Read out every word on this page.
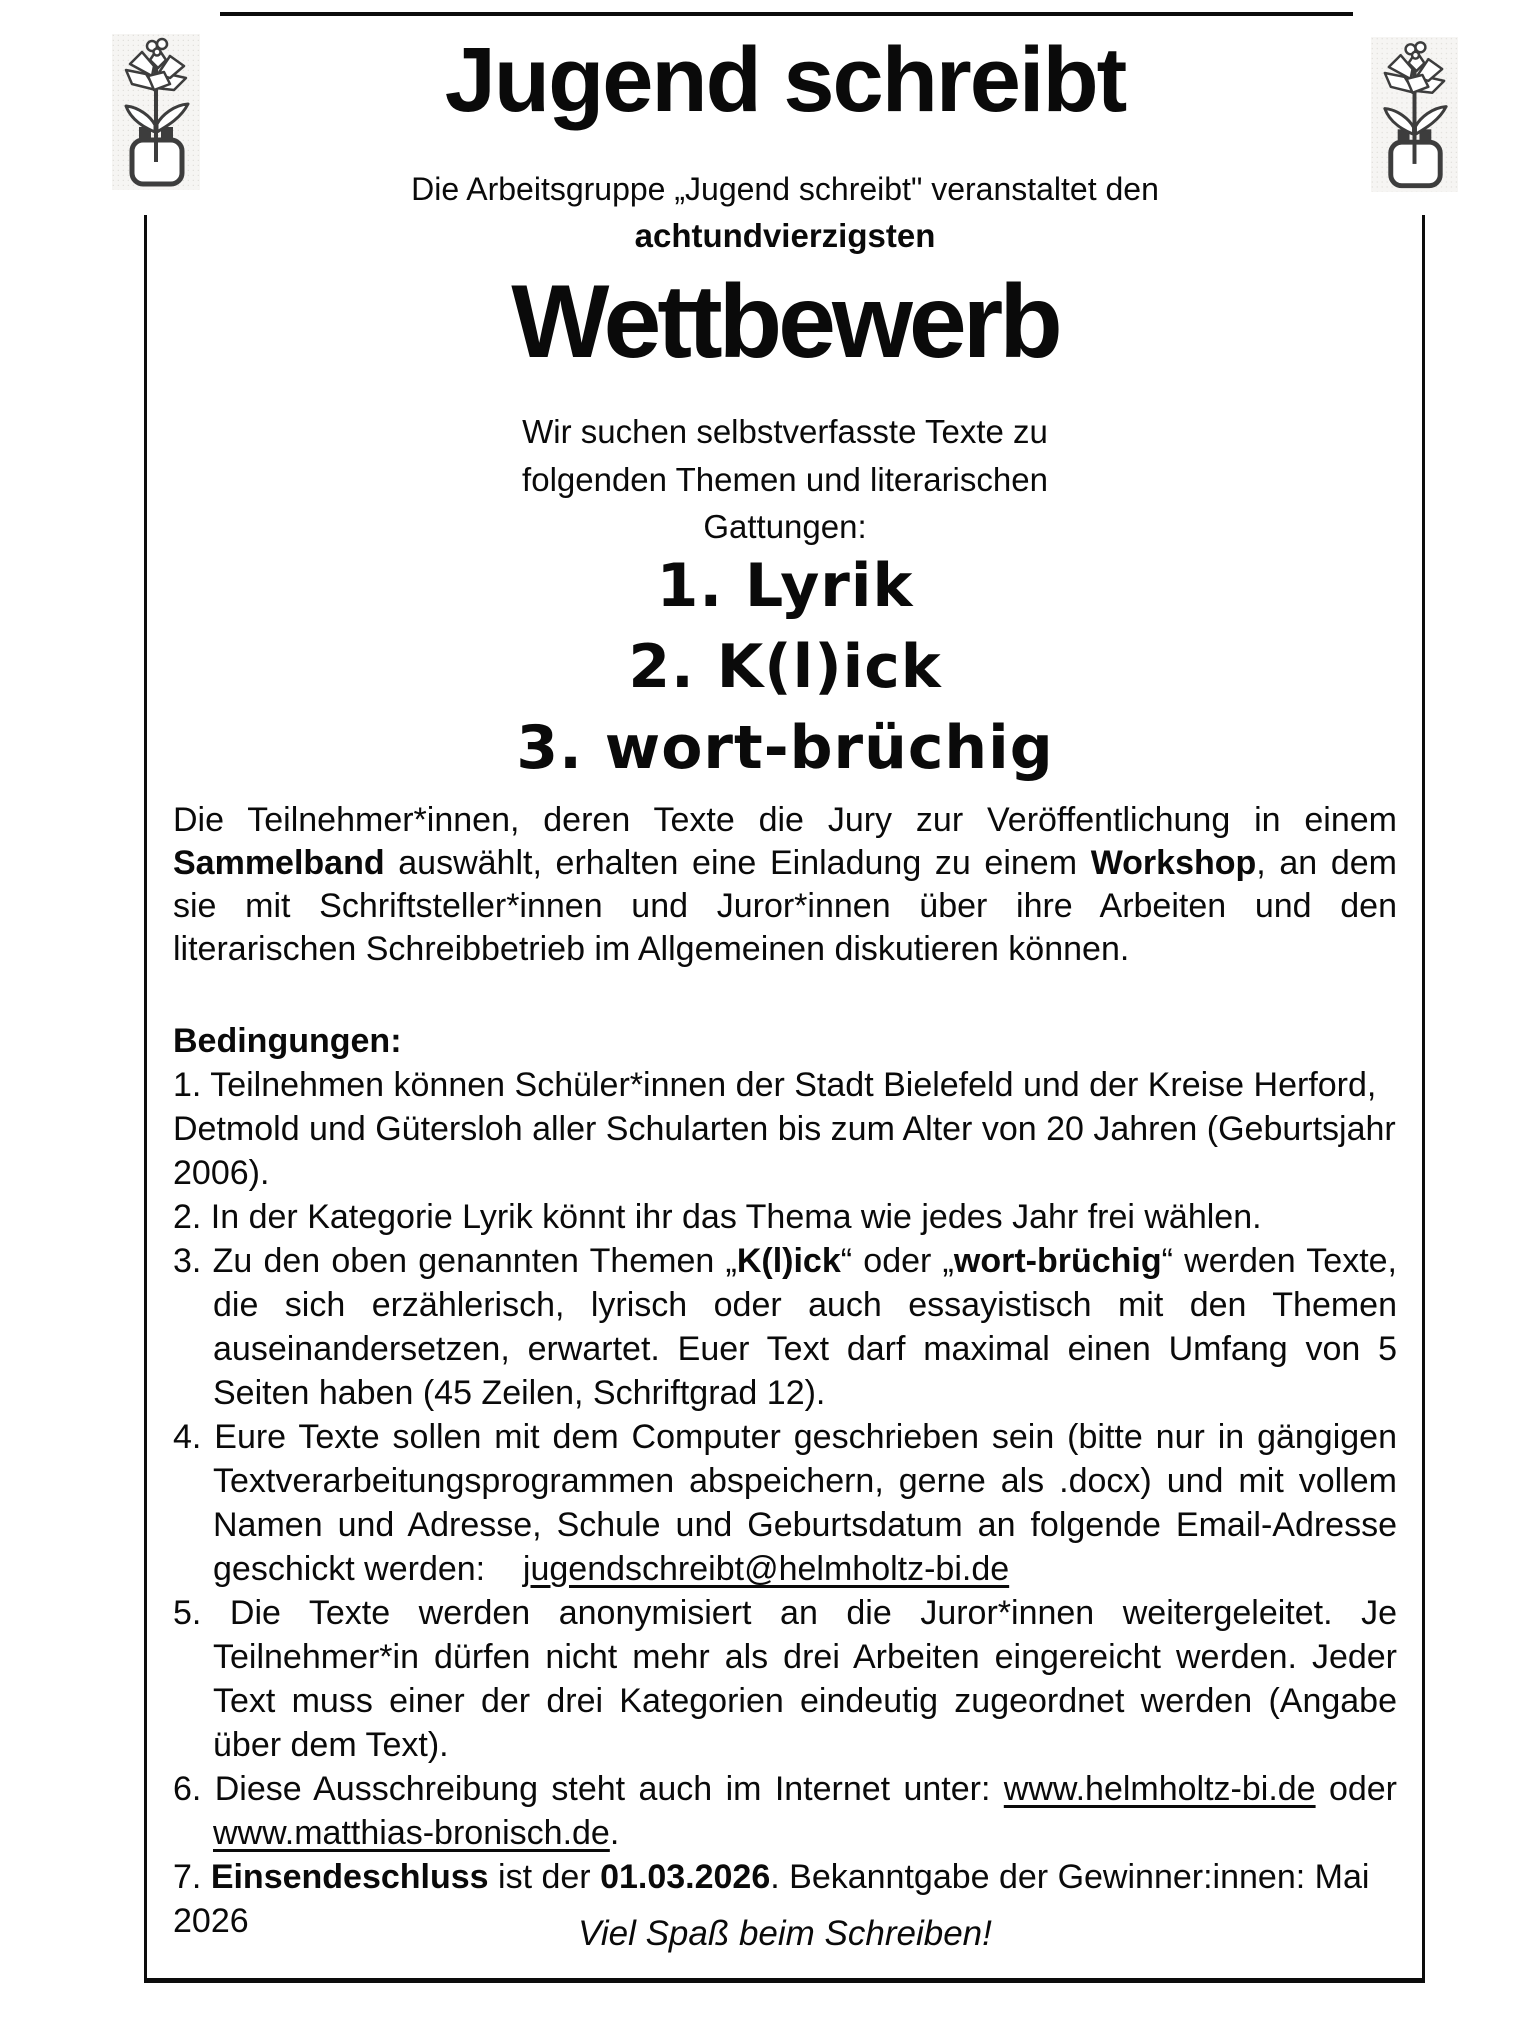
Jugend schreibt
Die Arbeitsgruppe „Jugend schreibt" veranstaltet den
achtundvierzigsten
Wettbewerb
Wir suchen selbstverfasste Texte zu
folgenden Themen und literarischen
Gattungen:
1. Lyrik
2. K(l)ick
3. wort-brüchig
Die Teilnehmer*innen, deren Texte die Jury zur Veröffentlichung in einem Sammelband auswählt, erhalten eine Einladung zu einem Workshop, an dem sie mit Schriftsteller*innen und Juror*innen über ihre Arbeiten und den literarischen Schreibbetrieb im Allgemeinen diskutieren können.

Bedingungen:

1. Teilnehmen können Schüler*innen der Stadt Bielefeld und der Kreise Herford, Detmold und Gütersloh aller Schularten bis zum Alter von 20 Jahren (Geburtsjahr 2006).

2. In der Kategorie Lyrik könnt ihr das Thema wie jedes Jahr frei wählen.

3. Zu den oben genannten Themen „K(l)ick“ oder „wort-brüchig“ werden Texte, die sich erzählerisch, lyrisch oder auch essayistisch mit den Themen auseinandersetzen, erwartet. Euer Text darf maximal einen Umfang von 5 Seiten haben (45 Zeilen, Schriftgrad 12).

4. Eure Texte sollen mit dem Computer geschrieben sein (bitte nur in gängigen Textverarbeitungsprogrammen abspeichern, gerne als .docx) und mit vollem Namen und Adresse, Schule und Geburtsdatum an folgende Email-Adresse geschickt werden:    jugendschreibt@helmholtz-bi.de

5. Die Texte werden anonymisiert an die Juror*innen weitergeleitet. Je Teilnehmer*in dürfen nicht mehr als drei Arbeiten eingereicht werden. Jeder Text muss einer der drei Kategorien eindeutig zugeordnet werden (Angabe über dem Text).

6. Diese Ausschreibung steht auch im Internet unter: www.helmholtz-bi.de oder www.matthias-bronisch.de.

7. Einsendeschluss ist der 01.03.2026. Bekanntgabe der Gewinner:innen: Mai 2026	Viel Spaß beim Schreiben!
